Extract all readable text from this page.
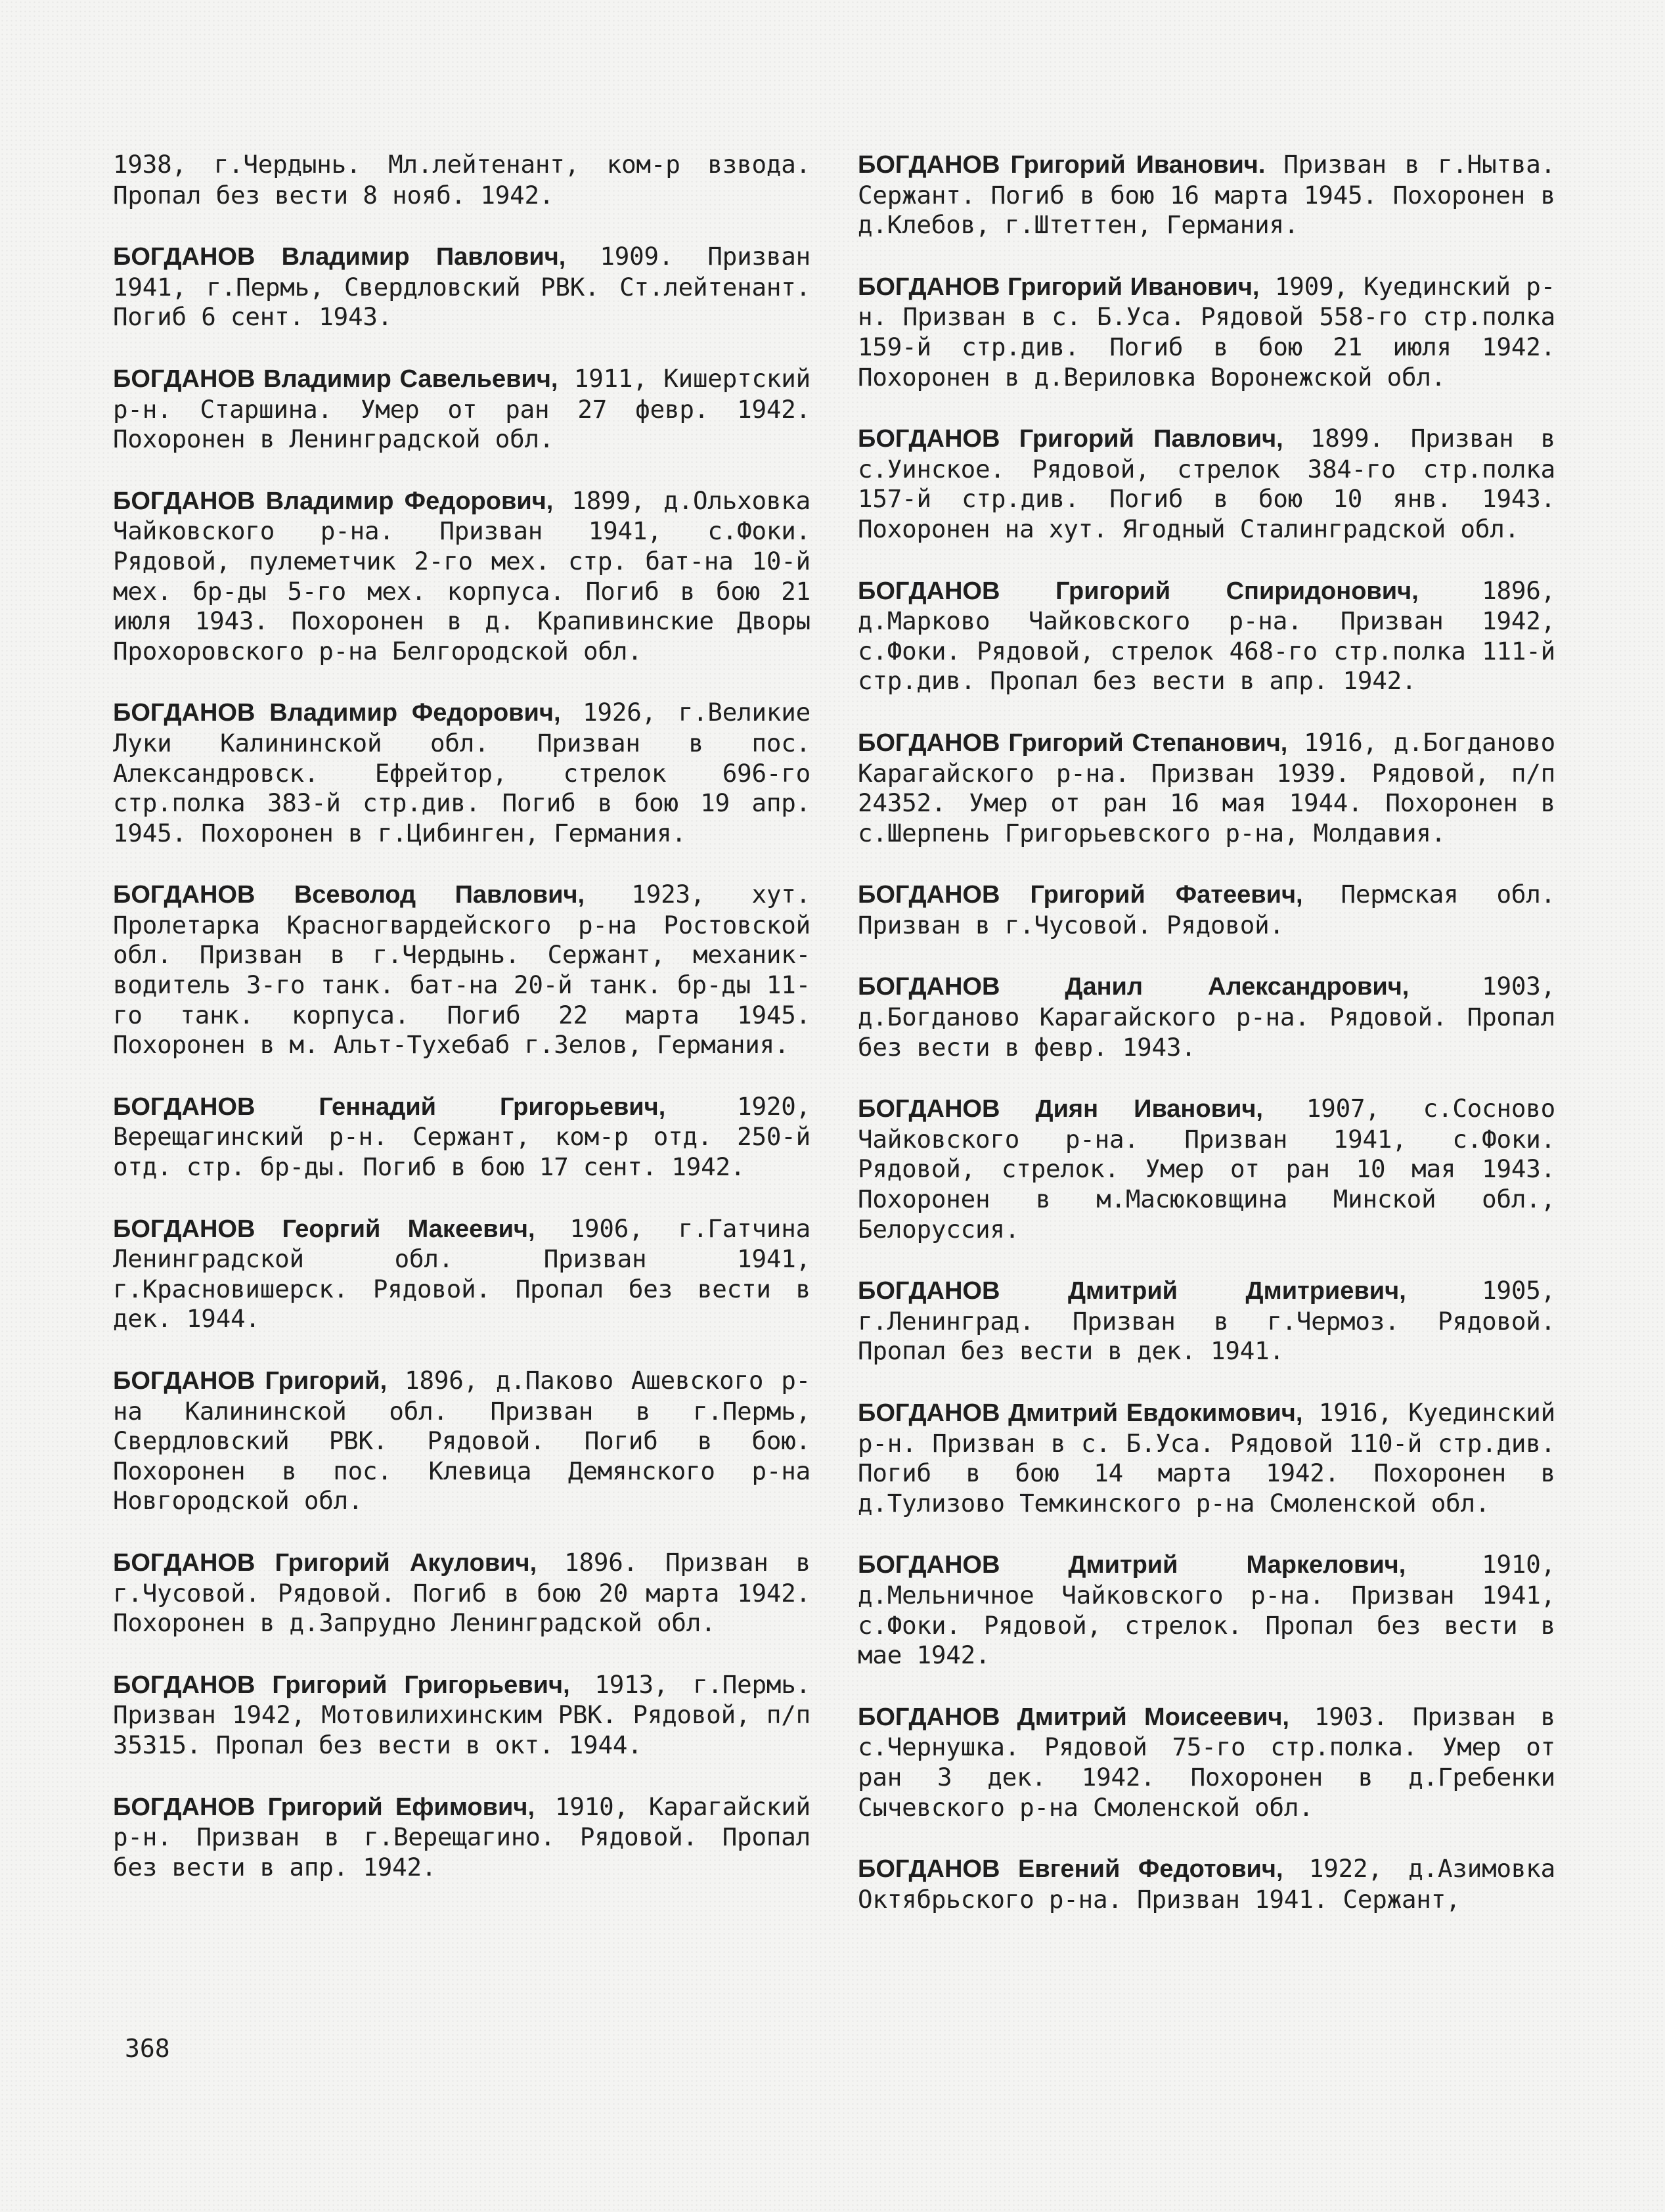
1938, г.Чердынь. Мл.лейтенант, ком-р взвода. Пропал без вести 8 нояб. 1942.

БОГДАНОВ Владимир Павлович, 1909. Призван 1941, г.Пермь, Свердловский РВК. Ст.лейтенант. Погиб 6 сент. 1943.

БОГДАНОВ Владимир Савельевич, 1911, Кишертский р-н. Старшина. Умер от ран 27 февр. 1942. Похоронен в Ленинградской обл.

БОГДАНОВ Владимир Федорович, 1899, д.Ольховка Чайковского р-на. Призван 1941, с.Фоки. Рядовой, пулеметчик 2-го мех. стр. бат-на 10-й мех. бр-ды 5-го мех. корпуса. Погиб в бою 21 июля 1943. Похоронен в д. Крапивинские Дворы Прохоровского р-на Белгородской обл.

БОГДАНОВ Владимир Федорович, 1926, г.Великие Луки Калининской обл. Призван в пос. Александровск. Ефрейтор, стрелок 696-го стр.полка 383-й стр.див. Погиб в бою 19 апр. 1945. Похоронен в г.Цибинген, Германия.

БОГДАНОВ Всеволод Павлович, 1923, хут. Пролетарка Красногвардейского р-на Ростовской обл. Призван в г.Чердынь. Сержант, механик-водитель 3-го танк. бат-на 20-й танк. бр-ды 11-го танк. корпуса. Погиб 22 марта 1945. Похоронен в м. Альт-Тухебаб г.Зелов, Германия.

БОГДАНОВ Геннадий Григорьевич, 1920, Верещагинский р-н. Сержант, ком-р отд. 250-й отд. стр. бр-ды. Погиб в бою 17 сент. 1942.

БОГДАНОВ Георгий Макеевич, 1906, г.Гатчина Ленинградской обл. Призван 1941, г.Красновишерск. Рядовой. Пропал без вести в дек. 1944.

БОГДАНОВ Григорий, 1896, д.Паково Ашевского р-на Калининской обл. Призван в г.Пермь, Свердловский РВК. Рядовой. Погиб в бою. Похоронен в пос. Клевица Демянского р-на Новгородской обл.

БОГДАНОВ Григорий Акулович, 1896. Призван в г.Чусовой. Рядовой. Погиб в бою 20 марта 1942. Похоронен в д.Запрудно Ленинградской обл.

БОГДАНОВ Григорий Григорьевич, 1913, г.Пермь. Призван 1942, Мотовилихинским РВК. Рядовой, п/п 35315. Пропал без вести в окт. 1944.

БОГДАНОВ Григорий Ефимович, 1910, Карагайский р-н. Призван в г.Верещагино. Рядовой. Пропал без вести в апр. 1942.

БОГДАНОВ Григорий Иванович. Призван в г.Нытва. Сержант. Погиб в бою 16 марта 1945. Похоронен в д.Клебов, г.Штеттен, Германия.

БОГДАНОВ Григорий Иванович, 1909, Куединский р-н. Призван в с. Б.Уса. Рядовой 558-го стр.полка 159-й стр.див. Погиб в бою 21 июля 1942. Похоронен в д.Вериловка Воронежской обл.

БОГДАНОВ Григорий Павлович, 1899. Призван в с.Уинское. Рядовой, стрелок 384-го стр.полка 157-й стр.див. Погиб в бою 10 янв. 1943. Похоронен на хут. Ягодный Сталинградской обл.

БОГДАНОВ Григорий Спиридонович, 1896, д.Марково Чайковского р-на. Призван 1942, с.Фоки. Рядовой, стрелок 468-го стр.полка 111-й стр.див. Пропал без вести в апр. 1942.

БОГДАНОВ Григорий Степанович, 1916, д.Богданово Карагайского р-на. Призван 1939. Рядовой, п/п 24352. Умер от ран 16 мая 1944. Похоронен в с.Шерпень Григорьевского р-на, Молдавия.

БОГДАНОВ Григорий Фатеевич, Пермская обл. Призван в г.Чусовой. Рядовой.

БОГДАНОВ Данил Александрович, 1903, д.Богданово Карагайского р-на. Рядовой. Пропал без вести в февр. 1943.

БОГДАНОВ Диян Иванович, 1907, с.Сосново Чайковского р-на. Призван 1941, с.Фоки. Рядовой, стрелок. Умер от ран 10 мая 1943. Похоронен в м.Масюковщина Минской обл., Белоруссия.

БОГДАНОВ Дмитрий Дмитриевич, 1905, г.Ленинград. Призван в г.Чермоз. Рядовой. Пропал без вести в дек. 1941.

БОГДАНОВ Дмитрий Евдокимович, 1916, Куединский р-н. Призван в с. Б.Уса. Рядовой 110-й стр.див. Погиб в бою 14 марта 1942. Похоронен в д.Тулизово Темкинского р-на Смоленской обл.

БОГДАНОВ Дмитрий Маркелович, 1910, д.Мельничное Чайковского р-на. Призван 1941, с.Фоки. Рядовой, стрелок. Пропал без вести в мае 1942.

БОГДАНОВ Дмитрий Моисеевич, 1903. Призван в с.Чернушка. Рядовой 75-го стр.полка. Умер от ран 3 дек. 1942. Похоронен в д.Гребенки Сычевского р-на Смоленской обл.

БОГДАНОВ Евгений Федотович, 1922, д.Азимовка Октябрьского р-на. Призван 1941. Сержант,

368
